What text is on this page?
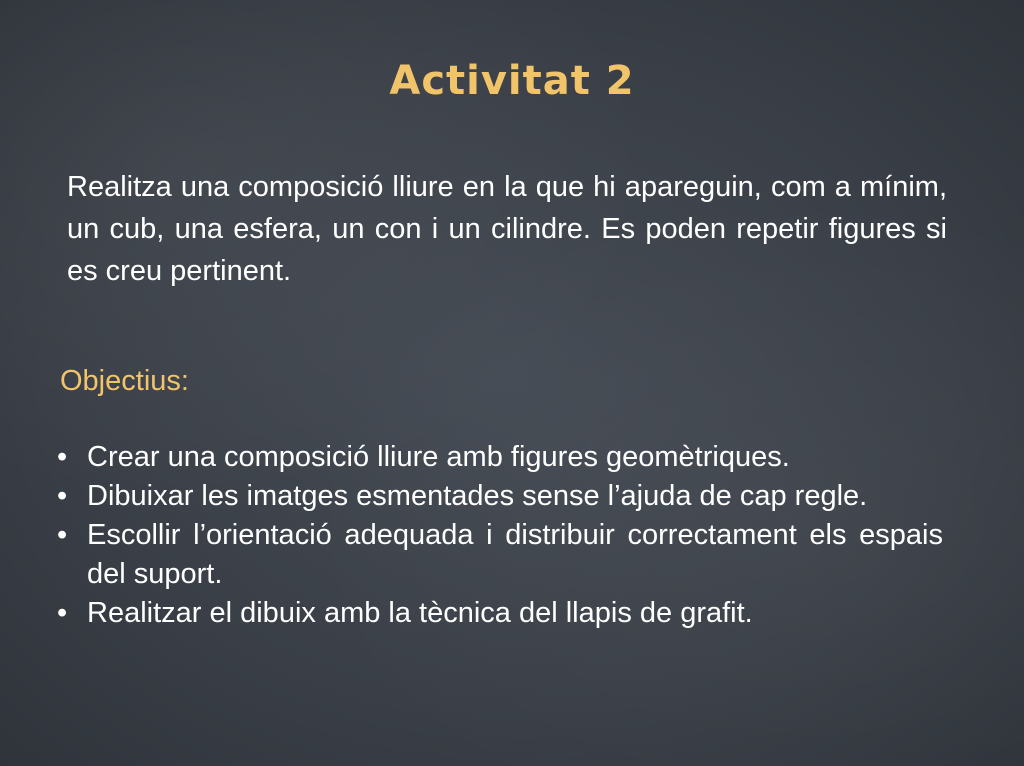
Activitat 2

Realitza una composició lliure en la que hi apareguin, com a mínim, un cub, una esfera, un con i un cilindre. Es poden repetir figures si es creu pertinent.

Objectius:

• Crear una composició lliure amb figures geomètriques.
• Dibuixar les imatges esmentades sense l’ajuda de cap regle.
• Escollir l’orientació adequada i distribuir correctament els espais del suport.
• Realitzar el dibuix amb la tècnica del llapis de grafit.
